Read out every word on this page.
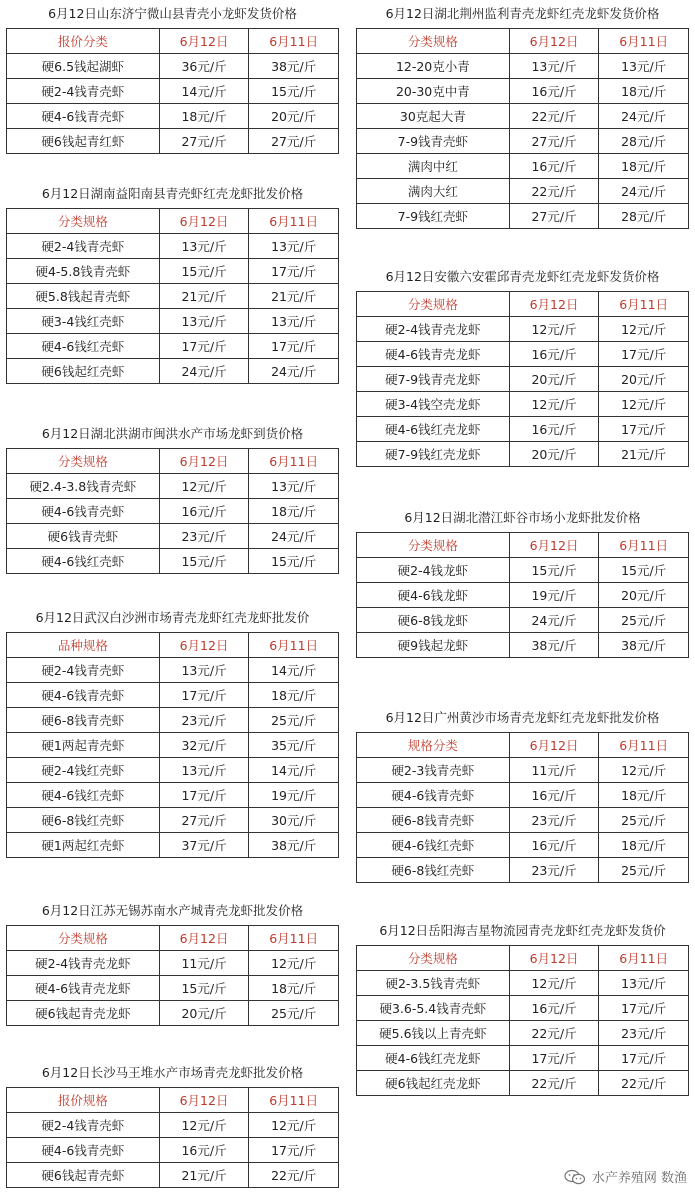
6月12日山东济宁微山县青壳小龙虾发货价格
报价分类	6月12日	6月11日
硬6.5钱起湖虾	36元/斤	38元/斤
硬2-4钱青壳虾	14元/斤	15元/斤
硬4-6钱青壳虾	18元/斤	20元/斤
硬6钱起青红虾	27元/斤	27元/斤
6月12日湖南益阳南县青壳虾红壳龙虾批发价格
分类规格	6月12日	6月11日
硬2-4钱青壳虾	13元/斤	13元/斤
硬4-5.8钱青壳虾	15元/斤	17元/斤
硬5.8钱起青壳虾	21元/斤	21元/斤
硬3-4钱红壳虾	13元/斤	13元/斤
硬4-6钱红壳虾	17元/斤	17元/斤
硬6钱起红壳虾	24元/斤	24元/斤
6月12日湖北洪湖市闽洪水产市场龙虾到货价格
分类规格	6月12日	6月11日
硬2.4-3.8钱青壳虾	12元/斤	13元/斤
硬4-6钱青壳虾	16元/斤	18元/斤
硬6钱青壳虾	23元/斤	24元/斤
硬4-6钱红壳虾	15元/斤	15元/斤
6月12日武汉白沙洲市场青壳龙虾红壳龙虾批发价
品种规格	6月12日	6月11日
硬2-4钱青壳虾	13元/斤	14元/斤
硬4-6钱青壳虾	17元/斤	18元/斤
硬6-8钱青壳虾	23元/斤	25元/斤
硬1两起青壳虾	32元/斤	35元/斤
硬2-4钱红壳虾	13元/斤	14元/斤
硬4-6钱红壳虾	17元/斤	19元/斤
硬6-8钱红壳虾	27元/斤	30元/斤
硬1两起红壳虾	37元/斤	38元/斤
6月12日江苏无锡苏南水产城青壳龙虾批发价格
分类规格	6月12日	6月11日
硬2-4钱青壳龙虾	11元/斤	12元/斤
硬4-6钱青壳龙虾	15元/斤	18元/斤
硬6钱起青壳龙虾	20元/斤	25元/斤
6月12日长沙马王堆水产市场青壳龙虾批发价格
报价规格	6月12日	6月11日
硬2-4钱青壳虾	12元/斤	12元/斤
硬4-6钱青壳虾	16元/斤	17元/斤
硬6钱起青壳虾	21元/斤	22元/斤
6月12日湖北荆州监利青壳龙虾红壳龙虾发货价格
分类规格	6月12日	6月11日
12-20克小青	13元/斤	13元/斤
20-30克中青	16元/斤	18元/斤
30克起大青	22元/斤	24元/斤
7-9钱青壳虾	27元/斤	28元/斤
满肉中红	16元/斤	18元/斤
满肉大红	22元/斤	24元/斤
7-9钱红壳虾	27元/斤	28元/斤
6月12日安徽六安霍邱青壳龙虾红壳龙虾发货价格
分类规格	6月12日	6月11日
硬2-4钱青壳龙虾	12元/斤	12元/斤
硬4-6钱青壳龙虾	16元/斤	17元/斤
硬7-9钱青壳龙虾	20元/斤	20元/斤
硬3-4钱空壳龙虾	12元/斤	12元/斤
硬4-6钱红壳龙虾	16元/斤	17元/斤
硬7-9钱红壳龙虾	20元/斤	21元/斤
6月12日湖北潜江虾谷市场小龙虾批发价格
分类规格	6月12日	6月11日
硬2-4钱龙虾	15元/斤	15元/斤
硬4-6钱龙虾	19元/斤	20元/斤
硬6-8钱龙虾	24元/斤	25元/斤
硬9钱起龙虾	38元/斤	38元/斤
6月12日广州黄沙市场青壳龙虾红壳龙虾批发价格
规格分类	6月12日	6月11日
硬2-3钱青壳虾	11元/斤	12元/斤
硬4-6钱青壳虾	16元/斤	18元/斤
硬6-8钱青壳虾	23元/斤	25元/斤
硬4-6钱红壳虾	16元/斤	18元/斤
硬6-8钱红壳虾	23元/斤	25元/斤
6月12日岳阳海吉星物流园青壳龙虾红壳龙虾发货价
分类规格	6月12日	6月11日
硬2-3.5钱青壳虾	12元/斤	13元/斤
硬3.6-5.4钱青壳虾	16元/斤	17元/斤
硬5.6钱以上青壳虾	22元/斤	23元/斤
硬4-6钱红壳龙虾	17元/斤	17元/斤
硬6钱起红壳龙虾	22元/斤	22元/斤
水产养殖网 数渔
